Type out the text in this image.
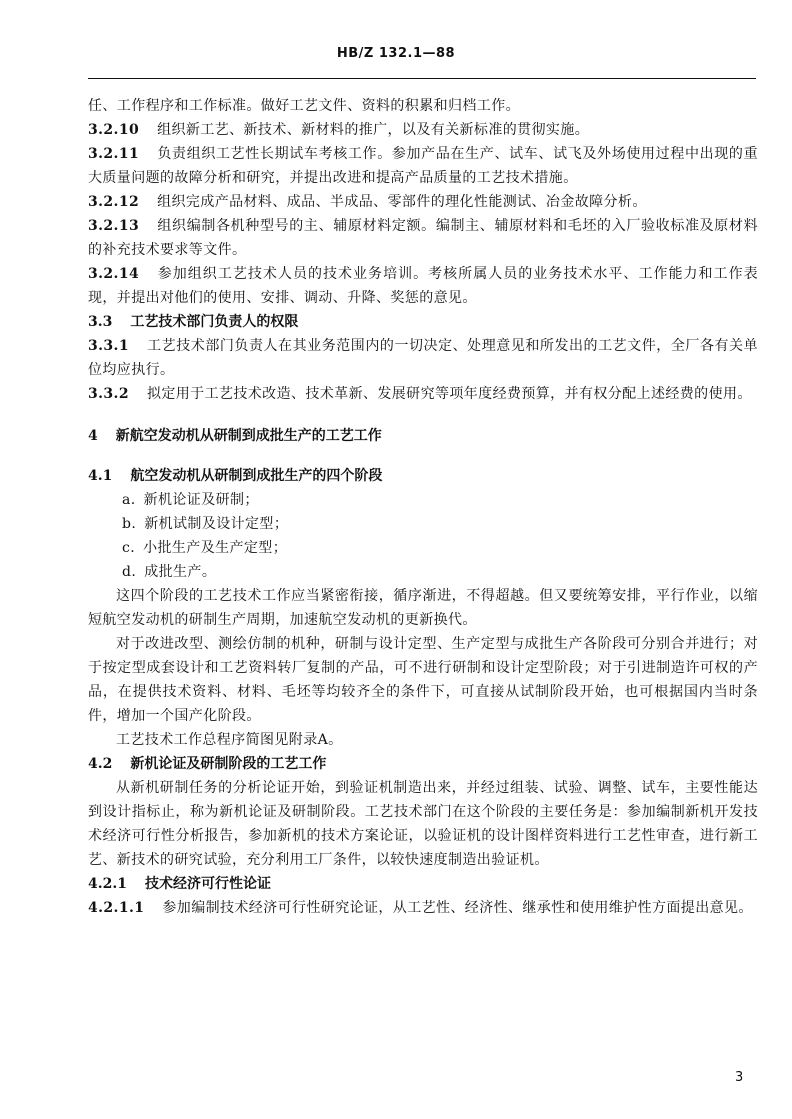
HB/Z 132.1—88

任、工作程序和工作标准。做好工艺文件、资料的积累和归档工作。

3.2.10 组织新工艺、新技术、新材料的推广，以及有关新标准的贯彻实施。

3.2.11 负责组织工艺性长期试车考核工作。参加产品在生产、试车、试飞及外场使用过程中出现的重大质量问题的故障分析和研究，并提出改进和提高产品质量的工艺技术措施。

3.2.12 组织完成产品材料、成品、半成品、零部件的理化性能测试、冶金故障分析。

3.2.13 组织编制各机种型号的主、辅原材料定额。编制主、辅原材料和毛坯的入厂验收标准及原材料的补充技术要求等文件。

3.2.14 参加组织工艺技术人员的技术业务培训。考核所属人员的业务技术水平、工作能力和工作表现，并提出对他们的使用、安排、调动、升降、奖惩的意见。

3.3 工艺技术部门负责人的权限

3.3.1 工艺技术部门负责人在其业务范围内的一切决定、处理意见和所发出的工艺文件，全厂各有关单位均应执行。

3.3.2 拟定用于工艺技术改造、技术革新、发展研究等项年度经费预算，并有权分配上述经费的使用。

4 新航空发动机从研制到成批生产的工艺工作
4.1 航空发动机从研制到成批生产的四个阶段
a. 新机论证及研制；
b. 新机试制及设计定型；
c. 小批生产及生产定型；
d. 成批生产。

这四个阶段的工艺技术工作应当紧密衔接，循序渐进，不得超越。但又要统筹安排，平行作业，以缩短航空发动机的研制生产周期，加速航空发动机的更新换代。

对于改进改型、测绘仿制的机种，研制与设计定型、生产定型与成批生产各阶段可分别合并进行；对于按定型成套设计和工艺资料转厂复制的产品，可不进行研制和设计定型阶段；对于引进制造许可权的产品，在提供技术资料、材料、毛坯等均较齐全的条件下，可直接从试制阶段开始，也可根据国内当时条件，增加一个国产化阶段。

工艺技术工作总程序简图见附录A。

4.2 新机论证及研制阶段的工艺工作

从新机研制任务的分析论证开始，到验证机制造出来，并经过组装、试验、调整、试车，主要性能达到设计指标止，称为新机论证及研制阶段。工艺技术部门在这个阶段的主要任务是：参加编制新机开发技术经济可行性分析报告，参加新机的技术方案论证，以验证机的设计图样资料进行工艺性审查，进行新工艺、新技术的研究试验，充分利用工厂条件，以较快速度制造出验证机。

4.2.1 技术经济可行性论证

4.2.1.1 参加编制技术经济可行性研究论证，从工艺性、经济性、继承性和使用维护性方面提出意见。

3
